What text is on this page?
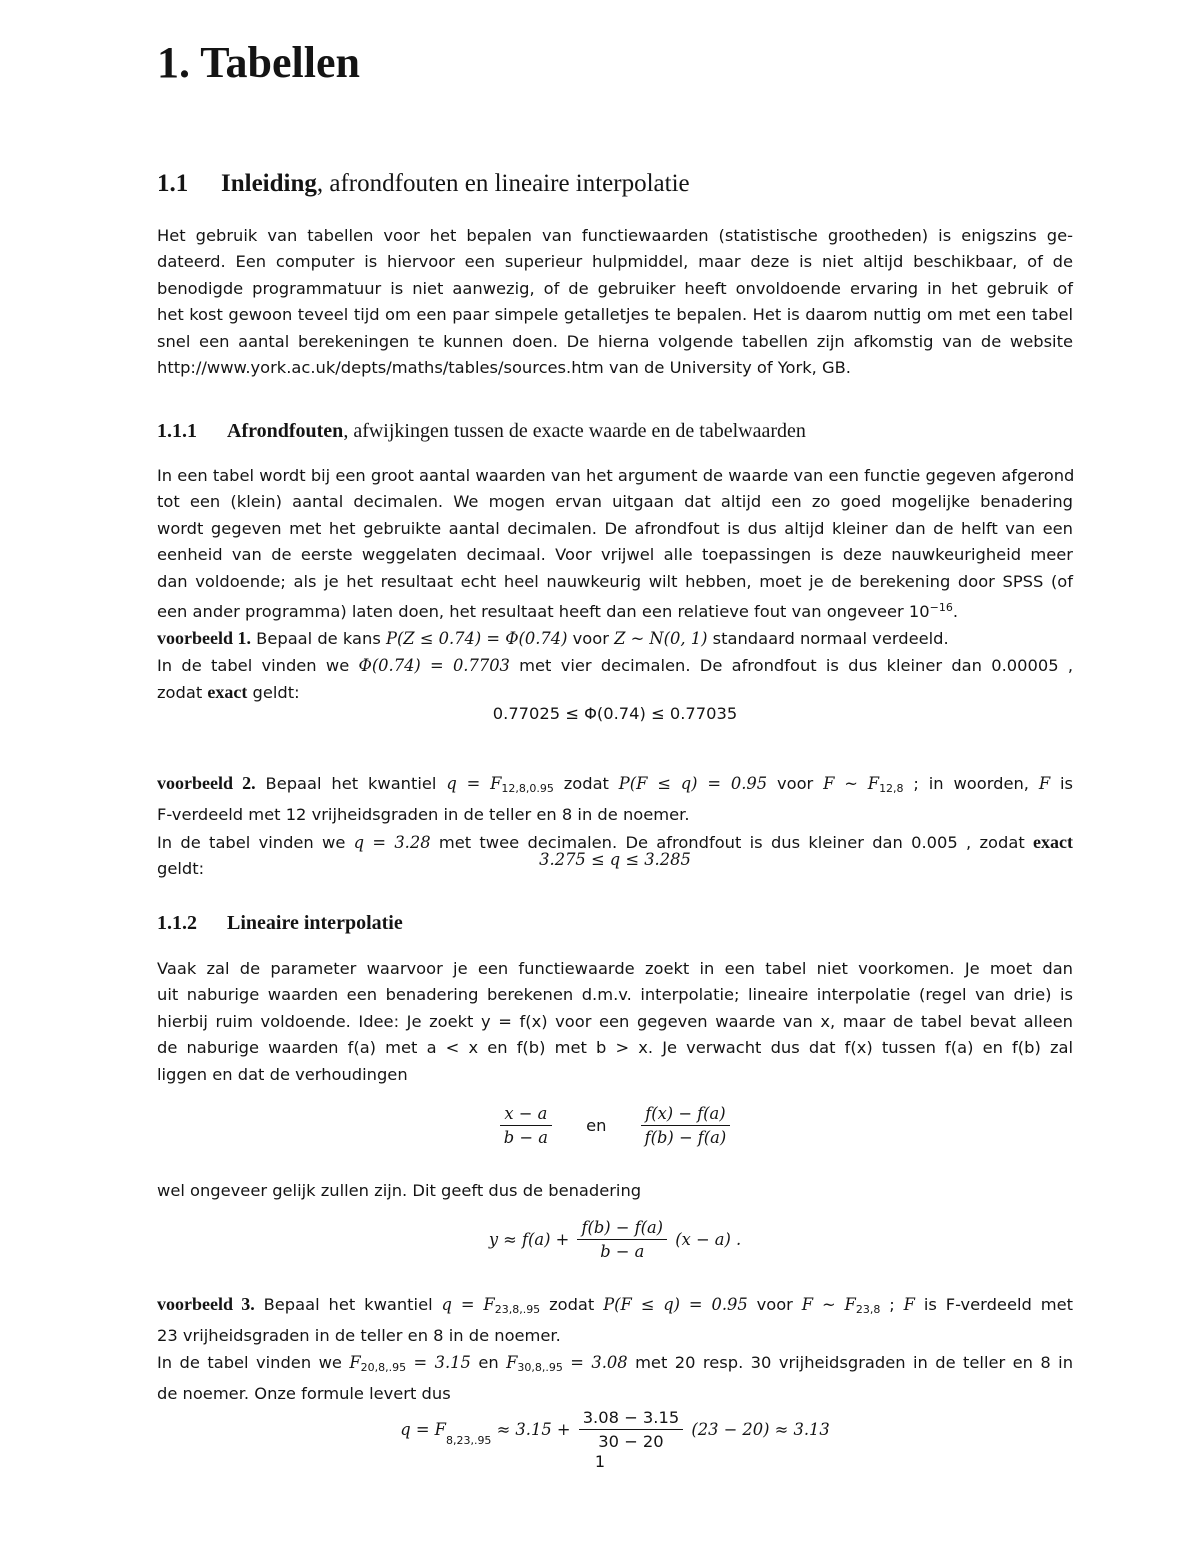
1. Tabellen
1.1 Inleiding, afrondfouten en lineaire interpolatie
Het gebruik van tabellen voor het bepalen van functiewaarden (statistische grootheden) is enigszins ge-
dateerd. Een computer is hiervoor een superieur hulpmiddel, maar deze is niet altijd beschikbaar, of de
benodigde programmatuur is niet aanwezig, of de gebruiker heeft onvoldoende ervaring in het gebruik of
het kost gewoon teveel tijd om een paar simpele getalletjes te bepalen. Het is daarom nuttig om met een tabel
snel een aantal berekeningen te kunnen doen. De hierna volgende tabellen zijn afkomstig van de website
http://www.york.ac.uk/depts/maths/tables/sources.htm van de University of York, GB.
1.1.1 Afrondfouten, afwijkingen tussen de exacte waarde en de tabelwaarden
In een tabel wordt bij een groot aantal waarden van het argument de waarde van een functie gegeven afgerond
tot een (klein) aantal decimalen. We mogen ervan uitgaan dat altijd een zo goed mogelijke benadering
wordt gegeven met het gebruikte aantal decimalen. De afrondfout is dus altijd kleiner dan de helft van een
eenheid van de eerste weggelaten decimaal. Voor vrijwel alle toepassingen is deze nauwkeurigheid meer
dan voldoende; als je het resultaat echt heel nauwkeurig wilt hebben, moet je de berekening door SPSS (of
een ander programma) laten doen, het resultaat heeft dan een relatieve fout van ongeveer $10^{-16}$.
voorbeeld 1. Bepaal de kans P(Z ≤ 0.74) = Φ(0.74) voor Z ~ N(0, 1) standaard normaal verdeeld.
In de tabel vinden we Φ(0.74) = 0.7703 met vier decimalen. De afrondfout is dus kleiner dan 0.00005 ,
zodat exact geldt:
0.77025 ≤ Φ(0.74) ≤ 0.77035
voorbeeld 2. Bepaal het kwantiel $q = F_{12,8,0.95}$ zodat P(F ≤ q) = 0.95 voor F ~ $F_{12,8}$ ; in woorden, F is
F-verdeeld met 12 vrijheidsgraden in de teller en 8 in de noemer.
In de tabel vinden we q = 3.28 met twee decimalen. De afrondfout is dus kleiner dan 0.005 , zodat exact
geldt:	3.275 ≤ q ≤ 3.285
1.1.2 Lineaire interpolatie
Vaak zal de parameter waarvoor je een functiewaarde zoekt in een tabel niet voorkomen. Je moet dan
uit naburige waarden een benadering berekenen d.m.v. interpolatie; lineaire interpolatie (regel van drie) is
hierbij ruim voldoende. Idee: Je zoekt y = f(x) voor een gegeven waarde van x, maar de tabel bevat alleen
de naburige waarden f(a) met a < x en f(b) met b > x. Je verwacht dus dat f(x) tussen f(a) en f(b) zal
liggen en dat de verhoudingen
$\frac{x - a}{b - a}$ en $\frac{f(x) - f(a)}{f(b) - f(a)}$
wel ongeveer gelijk zullen zijn. Dit geeft dus de benadering
$y \approx f(a) + \frac{f(b) - f(a)}{b - a} (x - a)$ .
voorbeeld 3. Bepaal het kwantiel $q = F_{23,8,.95}$ zodat P(F ≤ q) = 0.95 voor F ~ $F_{23,8}$ ; F is F-verdeeld met
23 vrijheidsgraden in de teller en 8 in de noemer.
In de tabel vinden we $F_{20,8,.95} = 3.15$ en $F_{30,8,.95} = 3.08$ met 20 resp. 30 vrijheidsgraden in de teller en 8 in
de noemer. Onze formule levert dus
$q = F_{8,23,.95} \approx 3.15 + \frac{3.08 - 3.15}{30 - 20} (23 - 20) \approx 3.13$
1
